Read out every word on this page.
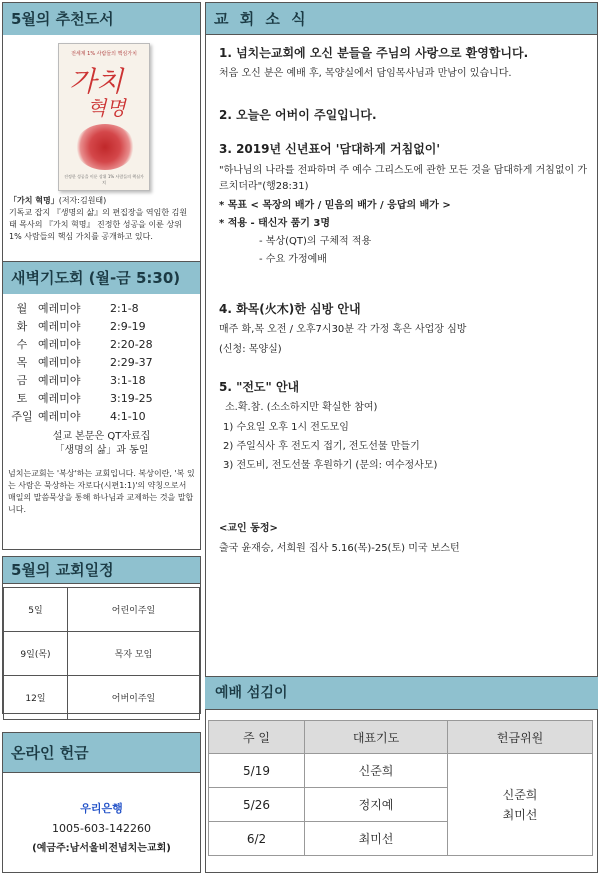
5월의 추천도서
전세계 1% 사람들의 핵심가치
가치
혁명
진정한 성공을 이룬 상위 1% 사람들의 핵심가치
「가치 혁명」(저자:김원태)
기독교 잡지 『생명의 삶』의 편집장을 역임한 김원태 목사의 『가치 혁명』 진정한 성공을 이룬 상위 1% 사람들의 핵심 가치를 공개하고 있다.
새벽기도회 (월-금 5:30)
월 예레미야	2:1-8
화 예레미야	2:9-19
수 예레미야	2:20-28
목 예레미야	2:29-37
금 예레미야	3:1-18
토 예레미야	3:19-25
주일 예레미야	4:1-10
설교 본문은 QT자료집
「생명의 삶」과 동일
넘치는교회는 '복상'하는 교회입니다. 복상이란, '복 있는 사람은 묵상하는 자로다(시편1:1)'의 약칭으로서 매일의 말씀묵상을 통해 하나님과 교제하는 것을 말합니다.
5월의 교회일정
5일	어린이주일
9일(목)	목자 모임
12일	어버이주일
온라인 헌금
우리은행
1005-603-142260
(예금주:남서울비전넘치는교회)
교 회 소 식
1. 넘치는교회에 오신 분들을 주님의 사랑으로 환영합니다.
처음 오신 분은 예배 후, 목양실에서 담임목사님과 만남이 있습니다.
2. 오늘은 어버이 주일입니다.
3. 2019년 신년표어 '담대하게 거침없이'
"하나님의 나라를 전파하며 주 예수 그리스도에 관한 모든 것을 담대하게 거침없이 가르치더라"(행28:31)
* 목표 < 목장의 배가 / 믿음의 배가 / 응답의 배가 >
* 적용 - 태신자 품기 3명
- 복상(QT)의 구체적 적용
- 수요 가정예배
4. 화목(火木)한 심방 안내
매주 화,목 오전 / 오후7시30분 각 가정 혹은 사업장 심방
(신청: 목양실)
5. "전도" 안내
소.확.참. (소소하지만 확실한 참여)
1) 수요일 오후 1시 전도모임
2) 주일식사 후 전도지 접기, 전도선물 만들기
3) 전도비, 전도선물 후원하기 (문의: 여수정사모)
<교인 동정>
출국 윤재승, 서희원 집사 5.16(목)-25(토) 미국 보스턴
예배 섬김이
주 일	대표기도	헌금위원
5/19	신준희	신준희
최미선

5/26	정지예	
6/2	최미선	
